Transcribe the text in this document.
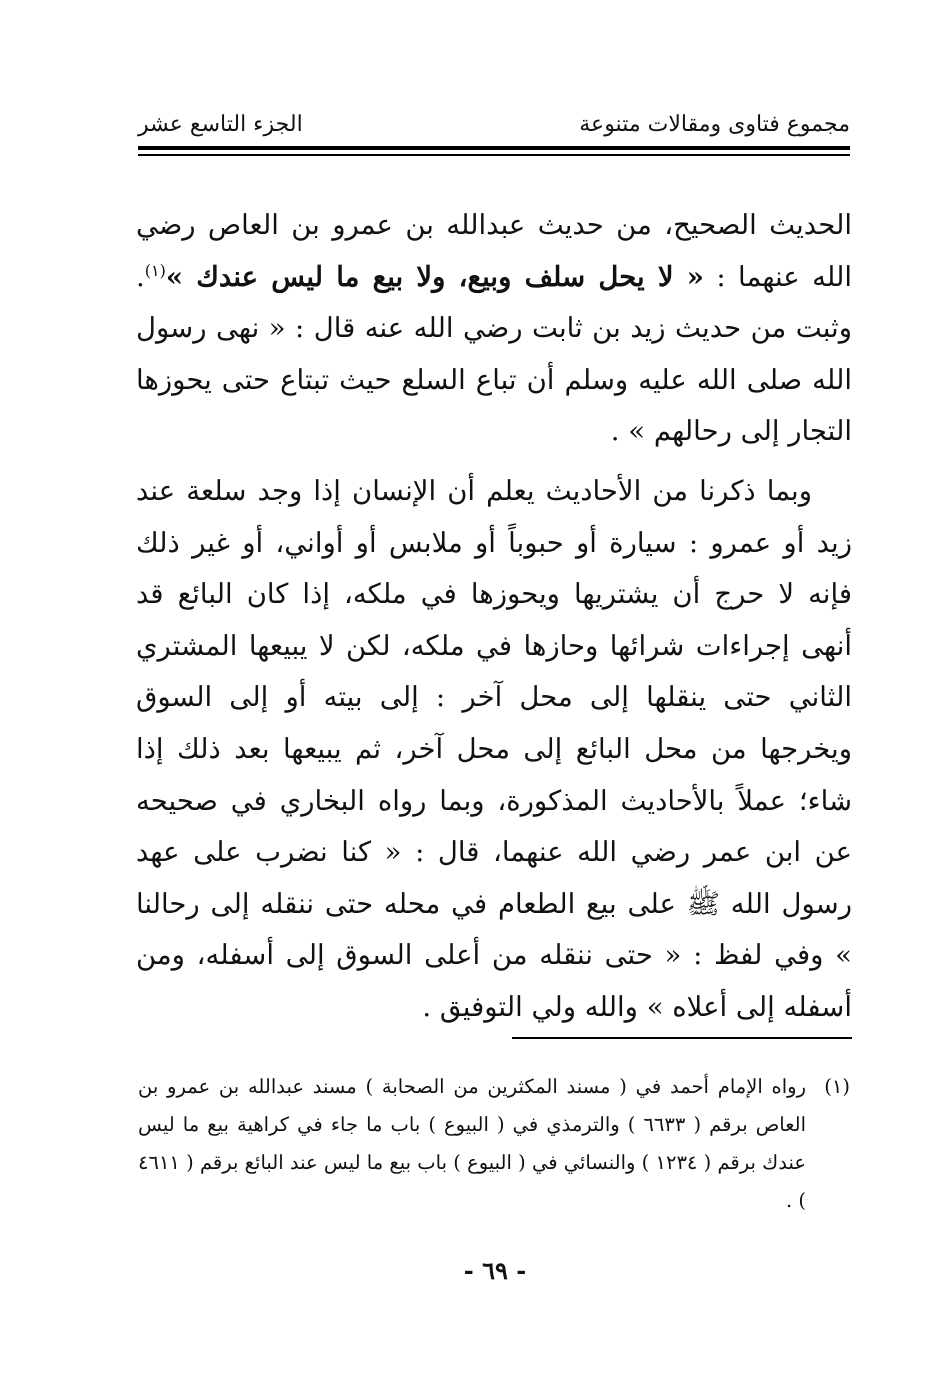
مجموع فتاوى ومقالات متنوعة
الجزء التاسع عشر

الحديث الصحيح، من حديث عبدالله بن عمرو بن العاص رضي الله عنهما : « لا يحل سلف وبيع، ولا بيع ما ليس عندك »$^{(١)}$. وثبت من حديث زيد بن ثابت رضي الله عنه قال : « نهى رسول الله صلى الله عليه وسلم أن تباع السلع حيث تبتاع حتى يحوزها التجار إلى رحالهم » .

وبما ذكرنا من الأحاديث يعلم أن الإنسان إذا وجد سلعة عند زيد أو عمرو : سيارة أو حبوباً أو ملابس أو أواني، أو غير ذلك فإنه لا حرج أن يشتريها ويحوزها في ملكه، إذا كان البائع قد أنهى إجراءات شرائها وحازها في ملكه، لكن لا يبيعها المشتري الثاني حتى ينقلها إلى محل آخر : إلى بيته أو إلى السوق ويخرجها من محل البائع إلى محل آخر، ثم يبيعها بعد ذلك إذا شاء؛ عملاً بالأحاديث المذكورة، وبما رواه البخاري في صحيحه عن ابن عمر رضي الله عنهما، قال : « كنا نضرب على عهد رسول الله ﷺ على بيع الطعام في محله حتى ننقله إلى رحالنا » وفي لفظ : « حتى ننقله من أعلى السوق إلى أسفله، ومن أسفله إلى أعلاه » والله ولي التوفيق .

(١)
رواه الإمام أحمد في ( مسند المكثرين من الصحابة ) مسند عبدالله بن عمرو بن العاص برقم ( ٦٦٣٣ ) والترمذي في ( البيوع ) باب ما جاء في كراهية بيع ما ليس عندك برقم ( ١٢٣٤ ) والنسائي في ( البيوع ) باب بيع ما ليس عند البائع برقم ( ٤٦١١ ) .
- ٦٩ -
